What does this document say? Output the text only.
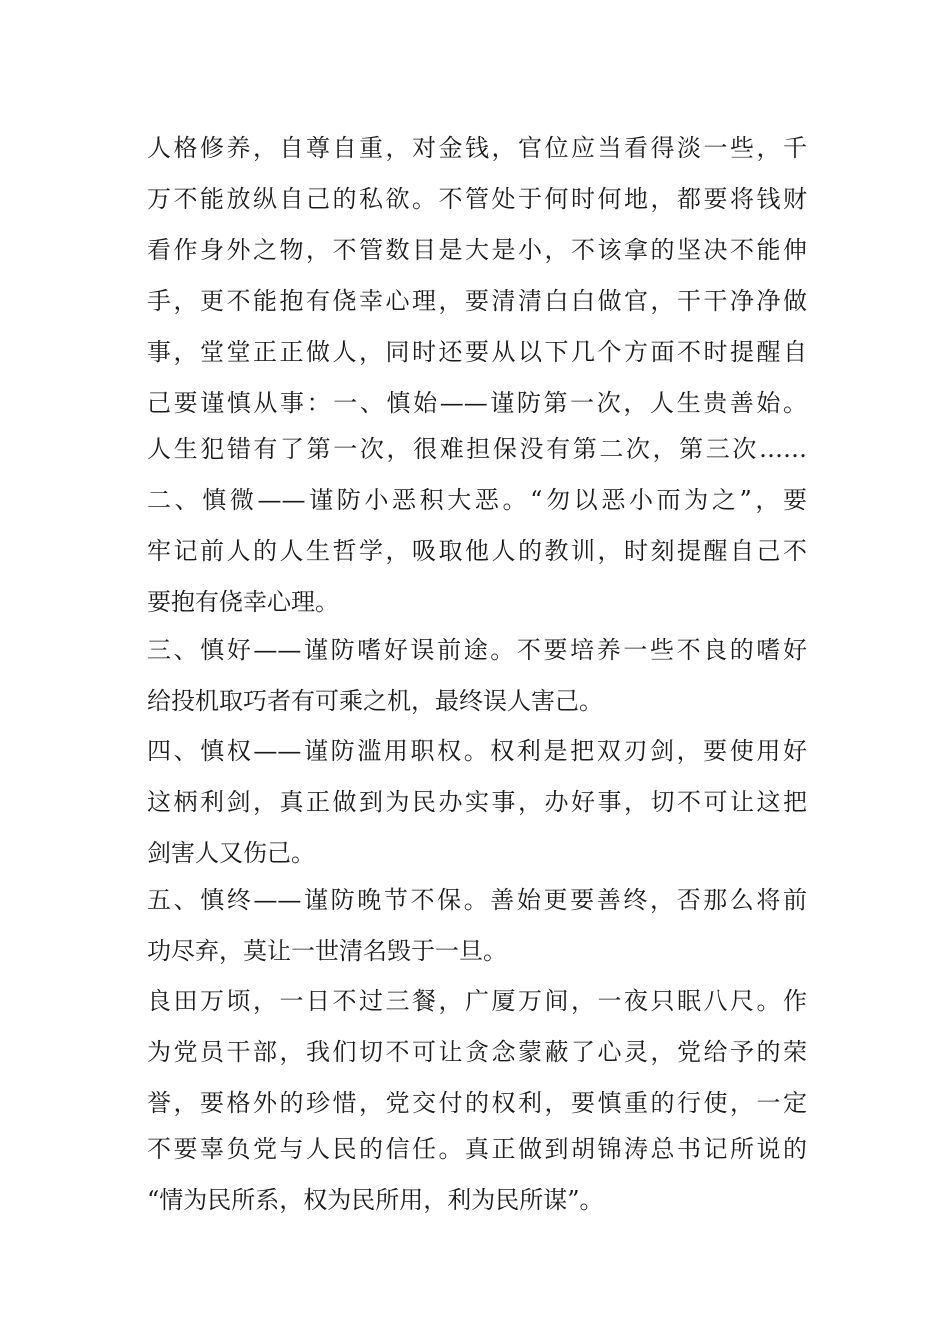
人格修养，自尊自重，对金钱，官位应当看得淡一些，千
万不能放纵自己的私欲。不管处于何时何地，都要将钱财
看作身外之物，不管数目是大是小，不该拿的坚决不能伸
手，更不能抱有侥幸心理，要清清白白做官，干干净净做
事，堂堂正正做人，同时还要从以下几个方面不时提醒自
己要谨慎从事：一、慎始——谨防第一次，人生贵善始。
人生犯错有了第一次，很难担保没有第二次，第三次……
二、慎微——谨防小恶积大恶。“勿以恶小而为之”，要
牢记前人的人生哲学，吸取他人的教训，时刻提醒自己不
要抱有侥幸心理。
三、慎好——谨防嗜好误前途。不要培养一些不良的嗜好
给投机取巧者有可乘之机，最终误人害己。
四、慎权——谨防滥用职权。权利是把双刃剑，要使用好
这柄利剑，真正做到为民办实事，办好事，切不可让这把
剑害人又伤己。
五、慎终——谨防晚节不保。善始更要善终，否那么将前
功尽弃，莫让一世清名毁于一旦。
良田万顷，一日不过三餐，广厦万间，一夜只眠八尺。作
为党员干部，我们切不可让贪念蒙蔽了心灵，党给予的荣
誉，要格外的珍惜，党交付的权利，要慎重的行使，一定
不要辜负党与人民的信任。真正做到胡锦涛总书记所说的
“情为民所系，权为民所用，利为民所谋”。
